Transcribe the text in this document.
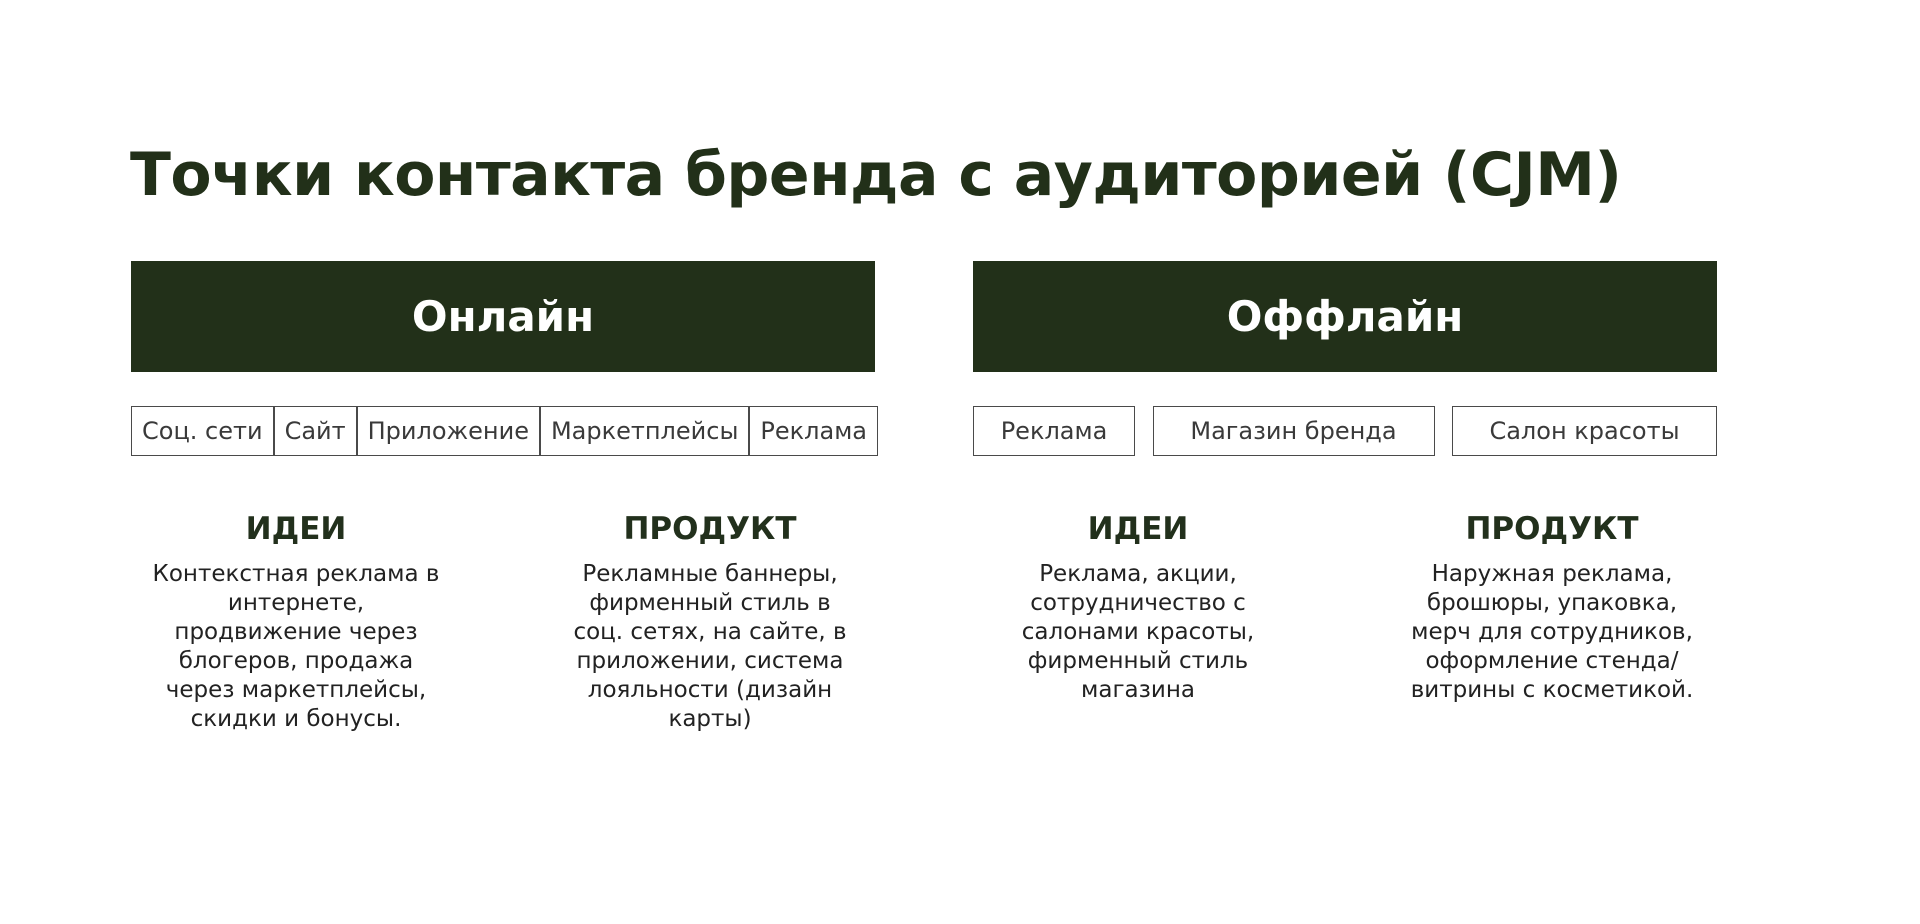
Точки контакта бренда с аудиторией (CJM)
Онлайн
Соц. сети Сайт Приложение Маркетплейсы Реклама
ИДЕИ
Контекстная реклама в интернете, продвижение через блогеров, продажа через маркетплейсы, скидки и бонусы.
ПРОДУКТ
Рекламные баннеры, фирменный стиль в соц. сетях, на сайте, в приложении, система лояльности (дизайн карты)
Оффлайн
Реклама	Магазин бренда	Салон красоты
ИДЕИ
Реклама, акции, сотрудничество с салонами красоты, фирменный стиль магазина
ПРОДУКТ
Наружная реклама, брошюры, упаковка, мерч для сотрудников, оформление стенда/витрины с косметикой.
